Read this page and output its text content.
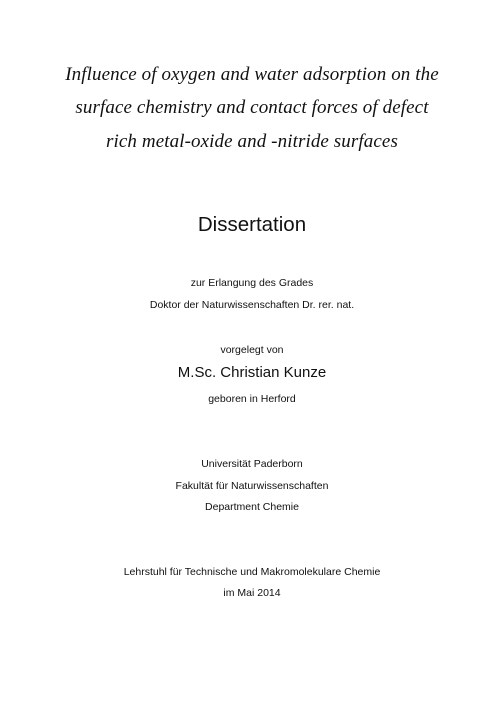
Influence of oxygen and water adsorption on the
surface chemistry and contact forces of defect
rich metal-oxide and -nitride surfaces
Dissertation
zur Erlangung des Grades
Doktor der Naturwissenschaften Dr. rer. nat.
vorgelegt von
M.Sc. Christian Kunze
geboren in Herford
Universität Paderborn
Fakultät für Naturwissenschaften
Department Chemie
Lehrstuhl für Technische und Makromolekulare Chemie
im Mai 2014
